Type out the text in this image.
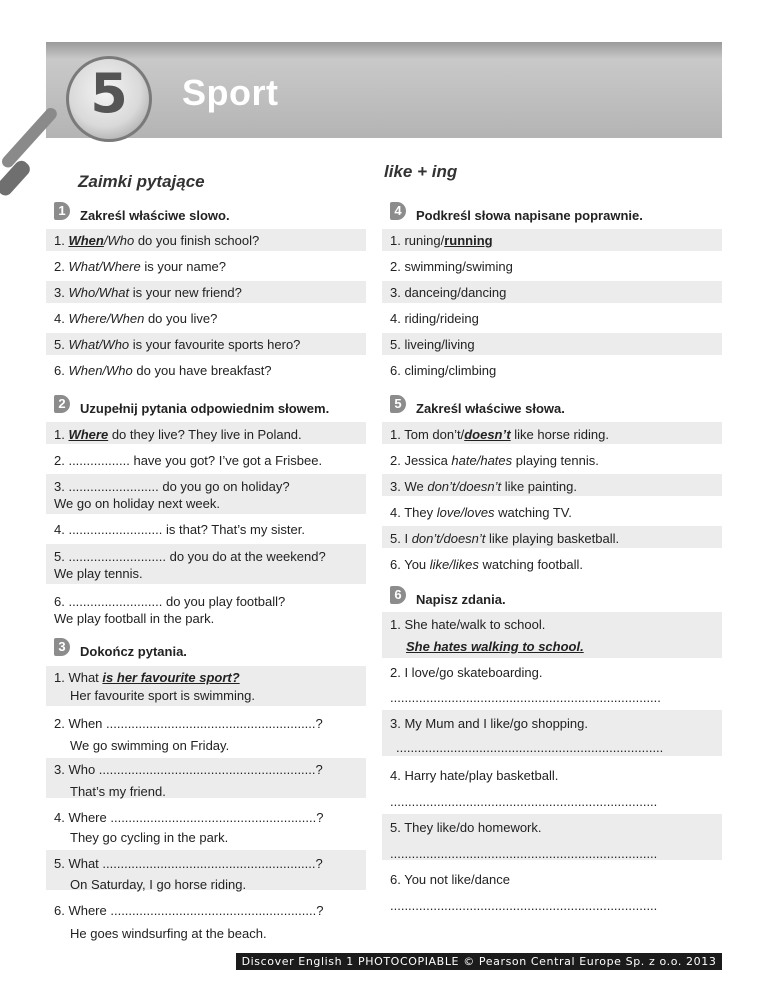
5	Sport
Zaimki pytające
like + ing
1	Zakreśl właściwe slowo.
1. When/Who do you finish school?
2. What/Where is your name?
3. Who/What is your new friend?
4. Where/When do you live?
5. What/Who is your favourite sports hero?
6. When/Who do you have breakfast?
2	Uzupełnij pytania odpowiednim słowem.
1. Where do they live? They live in Poland.
2. ................. have you got? I’ve got a Frisbee.
3. ......................... do you go on holiday?
We go on holiday next week.
4. .......................... is that? That’s my sister.
5. ........................... do you do at the weekend?
We play tennis.
6. .......................... do you play football?
We play football in the park.
3	Dokończ pytania.
1. What is her favourite sport?
Her favourite sport is swimming.
2. When ..........................................................?
We go swimming on Friday.
3. Who ............................................................?
That’s my friend.
4. Where .........................................................?
They go cycling in the park.
5. What ...........................................................?
On Saturday, I go horse riding.
6. Where .........................................................?
He goes windsurfing at the beach.
4	Podkreśl słowa napisane poprawnie.
1. runing/running
2. swimming/swiming
3. danceing/dancing
4. riding/rideing
5. liveing/living
6. climing/climbing
5	Zakreśl właściwe słowa.
1. Tom don’t/doesn’t like horse riding.
2. Jessica hate/hates playing tennis.
3. We don’t/doesn’t like painting.
4. They love/loves watching TV.
5. I don’t/doesn’t like playing basketball.
6. You like/likes watching football.
6	Napisz zdania.
1. She hate/walk to school.
She hates walking to school.
2. I love/go skateboarding.
...........................................................................
3. My Mum and I like/go shopping.
..........................................................................
4. Harry hate/play basketball.
..........................................................................
5. They like/do homework.
..........................................................................
6. You not like/dance
..........................................................................
Discover English 1 PHOTOCOPIABLE © Pearson Central Europe Sp. z o.o. 2013
